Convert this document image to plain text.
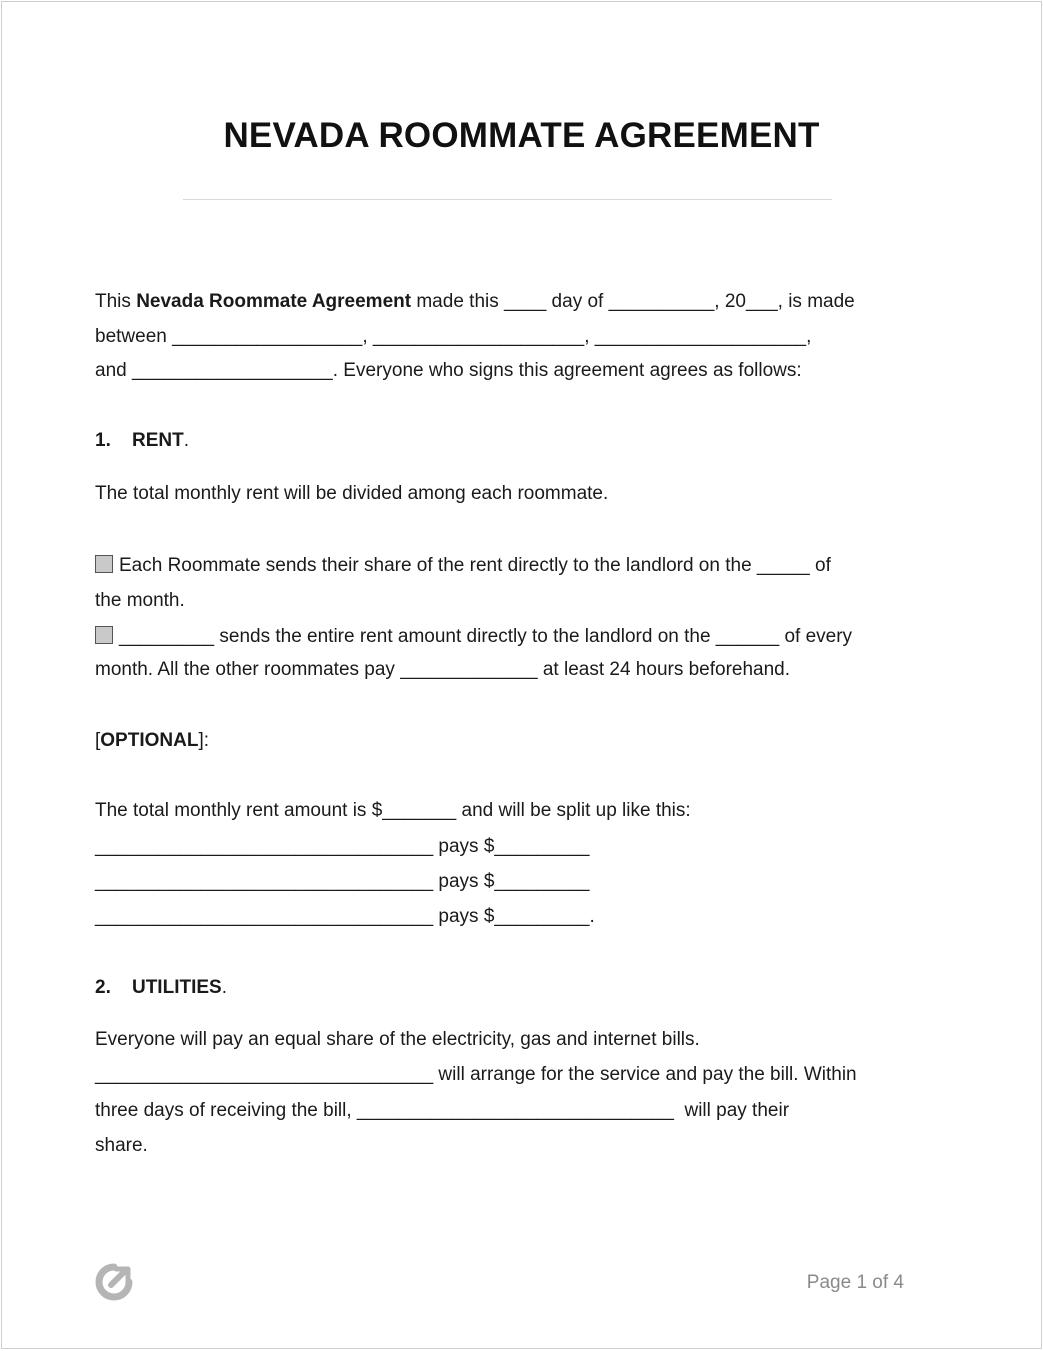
NEVADA ROOMMATE AGREEMENT
This Nevada Roommate Agreement made this ____ day of __________, 20___, is made
between __________________, ____________________, ____________________,
and ___________________. Everyone who signs this agreement agrees as follows:
1. RENT.
The total monthly rent will be divided among each roommate.
Each Roommate sends their share of the rent directly to the landlord on the _____ of
the month.
_________ sends the entire rent amount directly to the landlord on the ______ of every
month. All the other roommates pay _____________ at least 24 hours beforehand.
[OPTIONAL]:
The total monthly rent amount is $_______ and will be split up like this:
________________________________ pays $_________
________________________________ pays $_________
________________________________ pays $_________.
2. UTILITIES.
Everyone will pay an equal share of the electricity, gas and internet bills.
________________________________ will arrange for the service and pay the bill. Within
three days of receiving the bill, ______________________________  will pay their
share.
Page 1 of 4
